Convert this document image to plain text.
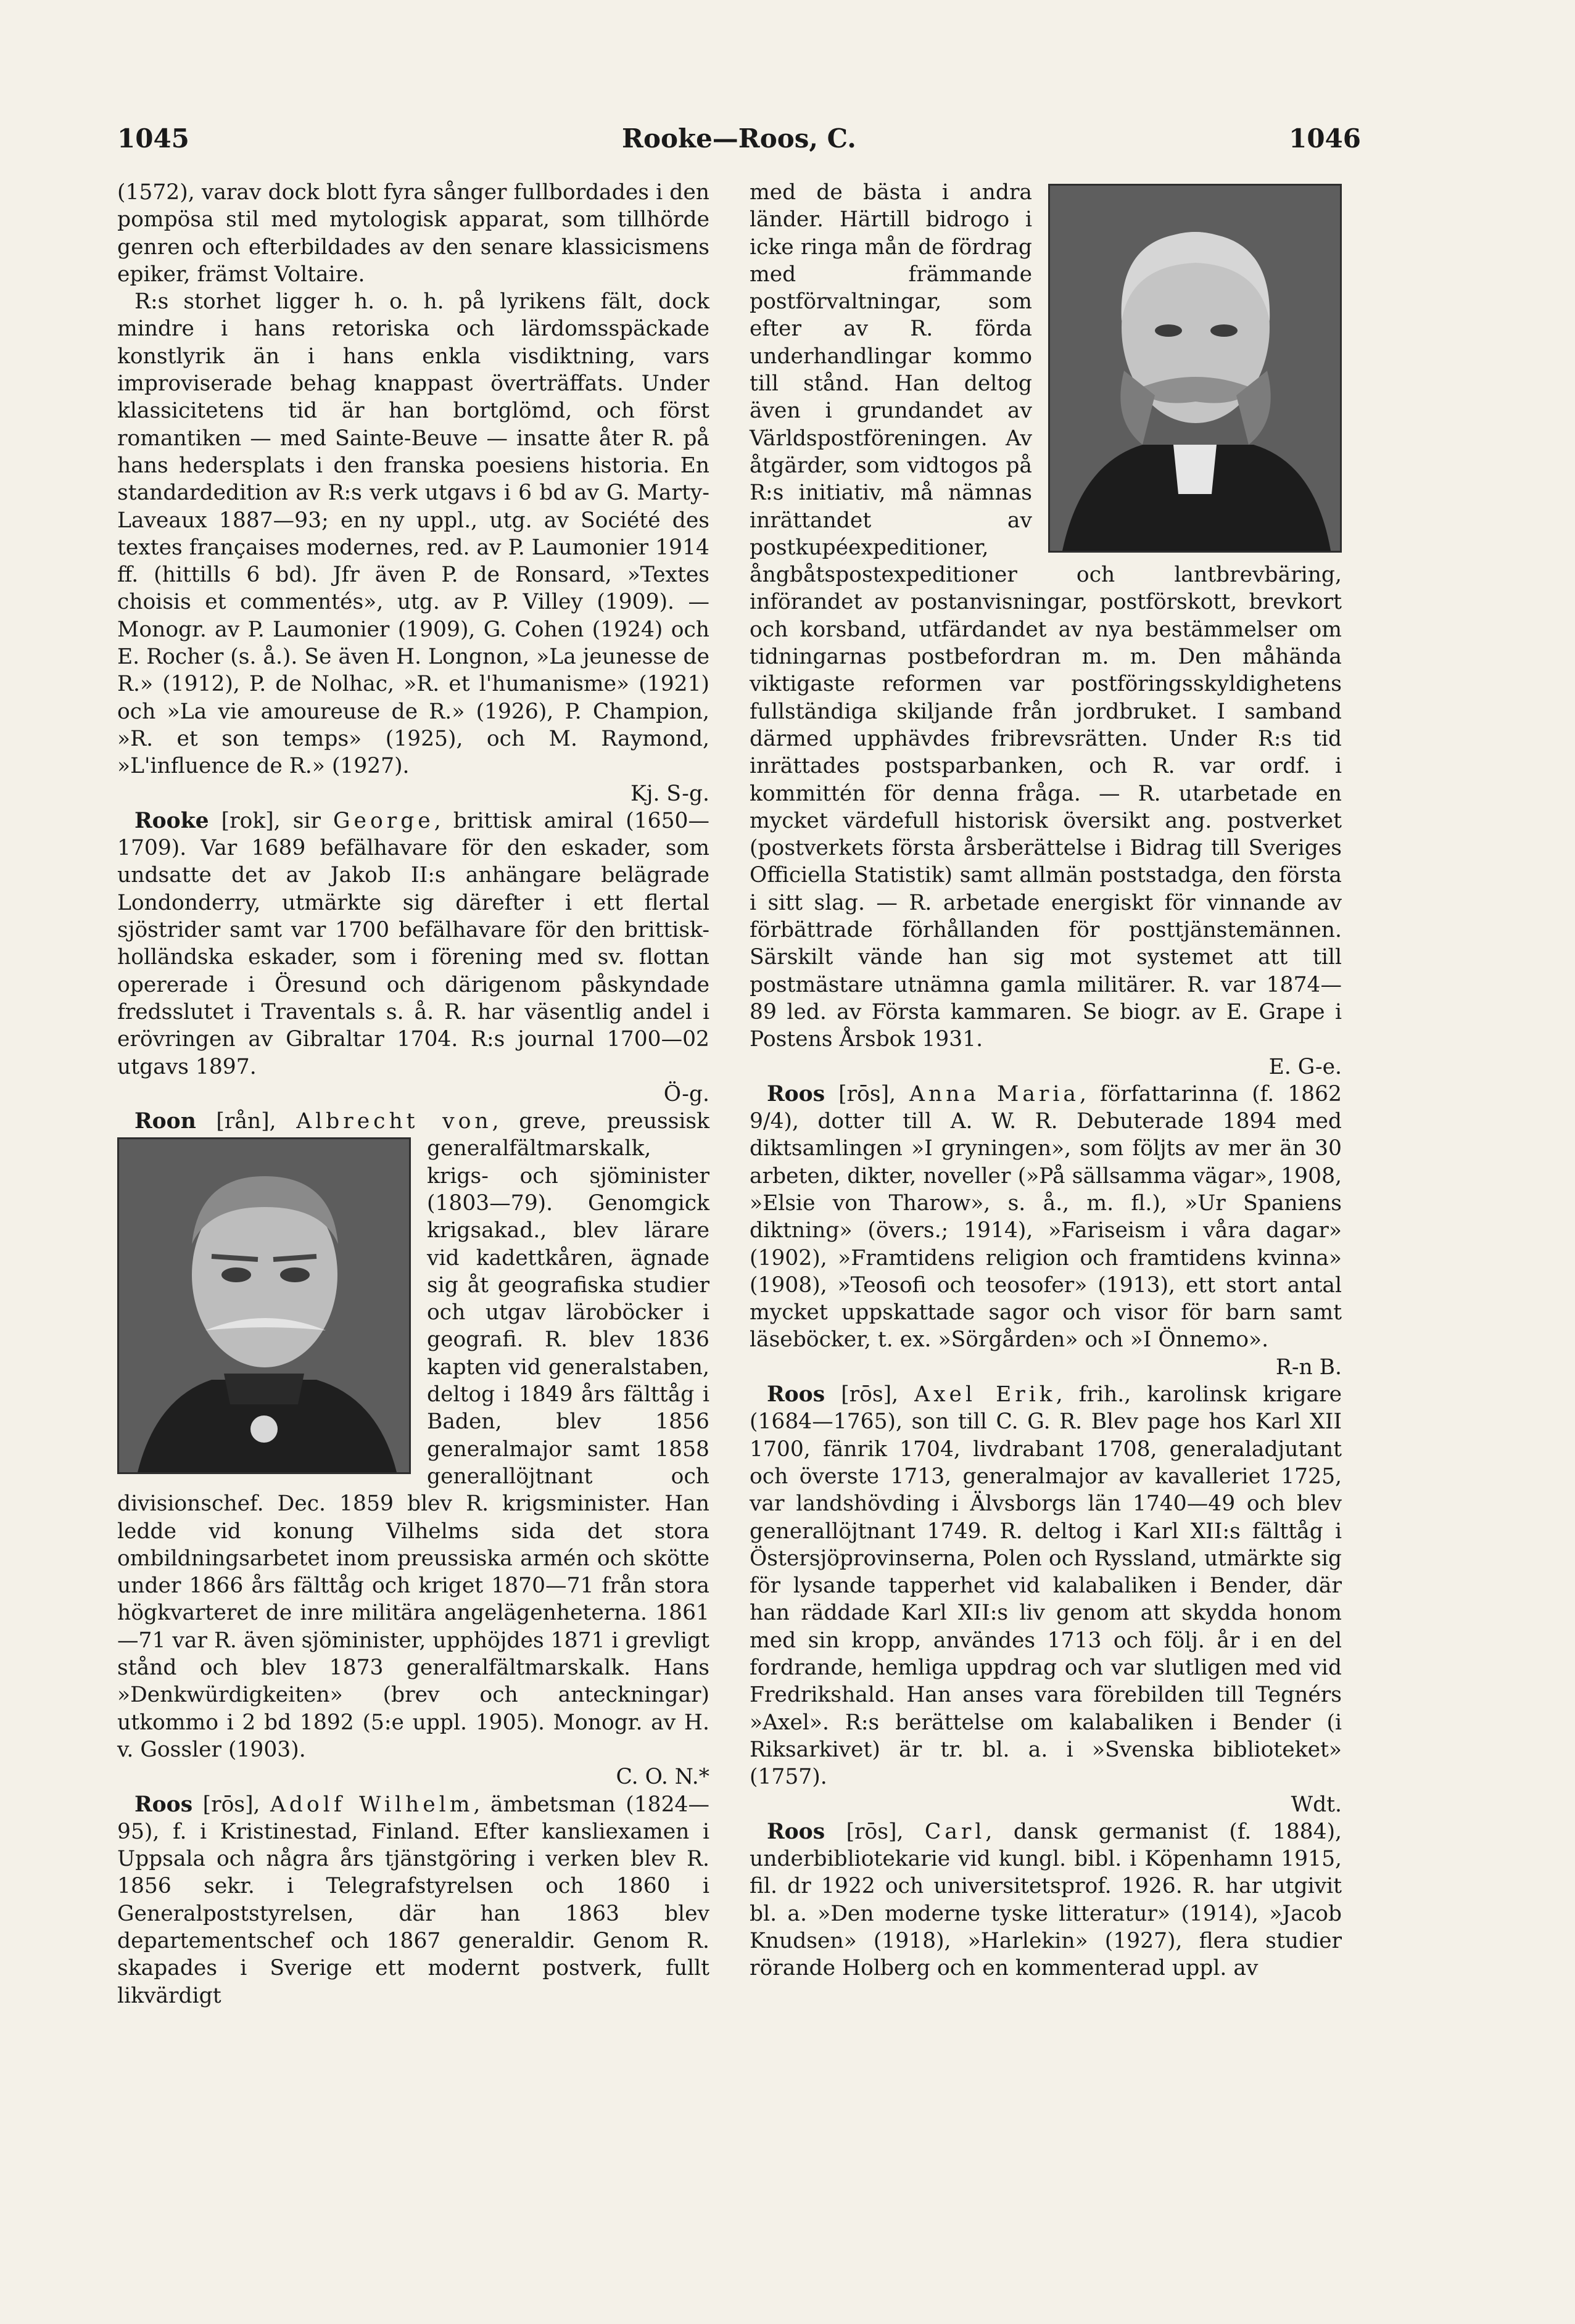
1045	Rooke—Roos, C.	1046

(1572), varav dock blott fyra sånger fullbordades i den pompösa stil med mytologisk apparat, som tillhörde genren och efterbildades av den senare klassicismens epiker, främst Voltaire.

R:s storhet ligger h. o. h. på lyrikens fält, dock mindre i hans retoriska och lärdomsspäckade konstlyrik än i hans enkla visdiktning, vars improviserade behag knappast överträffats. Under klassicitetens tid är han bortglömd, och först romantiken — med Sainte-Beuve — insatte åter R. på hans hedersplats i den franska poesiens historia. En standardedition av R:s verk utgavs i 6 bd av G. Marty-Laveaux 1887—93; en ny uppl., utg. av Société des textes françaises modernes, red. av P. Laumonier 1914 ff. (hittills 6 bd). Jfr även P. de Ronsard, »Textes choisis et commentés», utg. av P. Villey (1909). — Monogr. av P. Laumonier (1909), G. Cohen (1924) och E. Rocher (s. å.). Se även H. Longnon, »La jeunesse de R.» (1912), P. de Nolhac, »R. et l'humanisme» (1921) och »La vie amoureuse de R.» (1926), P. Champion, »R. et son temps» (1925), och M. Raymond, »L'influence de R.» (1927).
Kj. S-g.

Rooke [rok], sir George, brittisk amiral (1650—1709). Var 1689 befälhavare för den eskader, som undsatte det av Jakob II:s anhängare belägrade Londonderry, utmärkte sig därefter i ett flertal sjöstrider samt var 1700 befälhavare för den brittisk-holländska eskader, som i förening med sv. flottan opererade i Öresund och därigenom påskyndade fredsslutet i Traventals s. å. R. har väsentlig andel i erövringen av Gibraltar 1704. R:s journal 1700—02 utgavs 1897.
Ö-g.

Roon [rån], Albrecht von
, greve, preussisk generalfältmarskalk, krigs- och sjöminister (1803—79). Genomgick krigsakad., blev lärare vid kadettkåren, ägnade sig åt geografiska studier och utgav läroböcker i geografi. R. blev 1836 kapten vid generalstaben, deltog i 1849 års fälttåg i Baden, blev 1856 generalmajor samt 1858 generallöjtnant och divisionschef. Dec. 1859 blev R. krigsminister. Han ledde vid konung Vilhelms sida det stora ombildningsarbetet inom preussiska armén och skötte under 1866 års fälttåg och kriget 1870—71 från stora högkvarteret de inre militära angelägenheterna. 1861—71 var R. även sjöminister, upphöjdes 1871 i grevligt stånd och blev 1873 generalfältmarskalk. Hans »Denkwürdigkeiten» (brev och anteckningar) utkommo i 2 bd 1892 (5:e uppl. 1905). Monogr. av H. v. Gossler (1903).
C. O. N.*

Roos [rōs], Adolf Wilhelm, ämbetsman (1824—95), f. i Kristinestad, Finland. Efter kansliexamen i Uppsala och några års tjänstgöring i verken blev R. 1856 sekr. i Telegrafstyrelsen och 1860 i Generalpoststyrelsen, där han 1863 blev departementschef och 1867 generaldir. Genom R. skapades i Sverige ett modernt postverk, fullt likvärdigt

med de bästa i andra länder. Härtill bidrogo i icke ringa mån de fördrag med främmande postförvaltningar, som efter av R. förda underhandlingar kommo till stånd. Han deltog även i grundandet av Världspostföreningen. Av åtgärder, som vidtogos på R:s initiativ, må nämnas inrättandet av postkupéexpeditioner, ångbåtspostexpeditioner och lantbrevbäring, införandet av postanvisningar, postförskott, brevkort och korsband, utfärdandet av nya bestämmelser om tidningarnas postbefordran m. m. Den måhända viktigaste reformen var postföringsskyldighetens fullständiga skiljande från jordbruket. I samband därmed upphävdes fribrevsrätten. Under R:s tid inrättades postsparbanken, och R. var ordf. i kommittén för denna fråga. — R. utarbetade en mycket värdefull historisk översikt ang. postverket (postverkets första årsberättelse i Bidrag till Sveriges Officiella Statistik) samt allmän poststadga, den första i sitt slag. — R. arbetade energiskt för vinnande av förbättrade förhållanden för posttjänstemännen. Särskilt vände han sig mot systemet att till postmästare utnämna gamla militärer. R. var 1874—89 led. av Första kammaren. Se biogr. av E. Grape i Postens Årsbok 1931.
E. G-e.

Roos [rōs], Anna Maria, författarinna (f. 1862 9/4), dotter till A. W. R. Debuterade 1894 med diktsamlingen »I gryningen», som följts av mer än 30 arbeten, dikter, noveller (»På sällsamma vägar», 1908, »Elsie von Tharow», s. å., m. fl.), »Ur Spaniens diktning» (övers.; 1914), »Fariseism i våra dagar» (1902), »Framtidens religion och framtidens kvinna» (1908), »Teosofi och teosofer» (1913), ett stort antal mycket uppskattade sagor och visor för barn samt läseböcker, t. ex. »Sörgården» och »I Önnemo».
R-n B.

Roos [rōs], Axel Erik, frih., karolinsk krigare (1684—1765), son till C. G. R. Blev page hos Karl XII 1700, fänrik 1704, livdrabant 1708, generaladjutant och överste 1713, generalmajor av kavalleriet 1725, var landshövding i Älvsborgs län 1740—49 och blev generallöjtnant 1749. R. deltog i Karl XII:s fälttåg i Östersjöprovinserna, Polen och Ryssland, utmärkte sig för lysande tapperhet vid kalabaliken i Bender, där han räddade Karl XII:s liv genom att skydda honom med sin kropp, användes 1713 och följ. år i en del fordrande, hemliga uppdrag och var slutligen med vid Fredrikshald. Han anses vara förebilden till Tegnérs »Axel». R:s berättelse om kalabaliken i Bender (i Riksarkivet) är tr. bl. a. i »Svenska biblioteket» (1757).
Wdt.

Roos [rōs], Carl, dansk germanist (f. 1884), underbibliotekarie vid kungl. bibl. i Köpenhamn 1915, fil. dr 1922 och universitetsprof. 1926. R. har utgivit bl. a. »Den moderne tyske litteratur» (1914), »Jacob Knudsen» (1918), »Harlekin» (1927), flera studier rörande Holberg och en kommenterad uppl. av
